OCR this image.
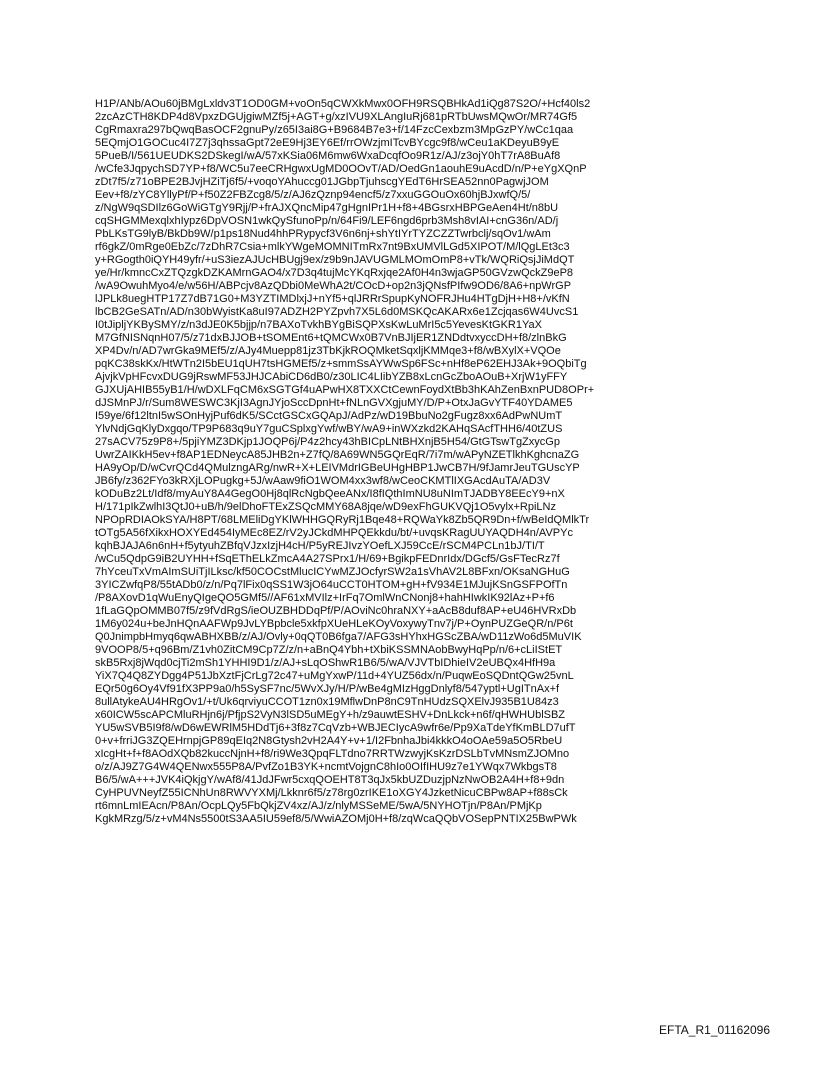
H1P/ANb/AOu60jBMgLxldv3T1OD0GM+voOn5qCWXkMwx0OFH9RSQBHkAd1iQg87S2O/+Hcf40ls2
2zcAzCTH8KDP4d8VpxzDGUjgiwMZf5j+AGT+g/xzIVU9XLAngIuRj681pRTbUwsMQwOr/MR74Gf5
CgRmaxra297bQwqBasOCF2gnuPy/z65I3ai8G+B9684B7e3+f/14FzcCexbzm3MpGzPY/wCc1qaa
5EQmjO1GOCuc4I7Z7j3qhssaGpt72eE9Hj3EY6Ef/rrOWzjmITcvBYcgc9f8/wCeu1aKDeyuB9yE
5PueB/I/561UEUDKS2DSkegI/wA/57xKSia06M6mw6WxaDcqfOo9R1z/AJ/z3ojY0hT7rA8BuAf8
/wCfe3JqpychSD7YP+f8/WC5u7eeCRHgwxUgMD0OOvT/AD/OedGn1aouhE9uAcdD/n/P+eYgXQnP
zDt7f5/z71oBPE2BJvjHZiTj6f5/+voqoYAhuccg01JGbpTjuhscgYEdT6HrSEA52nn0PagwjJOM
Eev+f8/zYC8YllyPf/P+f50Z2FBZcg8/5/z/AJ6zQznp94encf5/z7xxuGGOuOx60hjBJxwfQ/5/
z/NgW9qSDIlz6GoWiGTgY9Rjj/P+frAJXQncMip47gHgnIPr1H+f8+4BGsrxHBPGeAen4Ht/n8bU
cqSHGMMexqlxhIypz6DpVOSN1wkQySfunoPp/n/64Fi9/LEF6ngd6prb3Msh8vIAI+cnG36n/AD/j
PbLKsTG9lyB/BkDb9W/p1ps18Nud4hhPRypycf3V6n6nj+shYtIYrTYZCZZTwrbclj/sqOv1/wAm
rf6gkZ/0mRge0EbZc/7zDhR7Csia+mlkYWgeMOMNITmRx7nt9BxUMVlLGd5XIPOT/M/lQgLEt3c3
y+RGogth0iQYH49yfr/+uS3iezAJUcHBUgj9ex/z9b9nJAVUGMLMOmOmP8+vTk/WQRiQsjJiMdQT
ye/Hr/kmncCxZTQzgkDZKAMrnGAO4/x7D3q4tujMcYKqRxjqe2Af0H4n3wjaGP50GVzwQckZ9eP8
/wA9OwuhMyo4/e/w56H/ABPcjv8AzQDbi0MeWhA2t/COcD+op2n3jQNsfPIfw9OD6/8A6+npWrGP
lJPLk8uegHTP17Z7dB71G0+M3YZTIMDlxjJ+nYf5+qlJRRrSpupKyNOFRJHu4HTgDjH+H8+/vKfN
lbCB2GeSATn/AD/n30bWyistKa8uI97ADZH2PYZpvh7X5L6d0MSKQcAKARx6e1Zcjqas6W4UvcS1
I0tJipljYKBySMY/z/n3dJE0K5bjjp/n7BAXoTvkhBYgBiSQPXsKwLuMrI5c5YevesKtGKR1YaX
M7GfNISNqnH07/5/z71dxBJJOB+tSOMEnt6+tQMCWx0B7VnBJIjER1ZNDdtvxyccDH+f8/zlnBkG
XP4Dv/n/AD7wrGka9MEf5/z/AJy4Muepp81jz3TbKjkROQMketSqxljKMMqe3+f8/wBXylX+VQOe
pqKC38skKx/HtWTn2I5bEU1qUH7tsHGMEf5/z+smmSsAYWwSp6FSc+nHf8eP62EHJ3Ak+9OQbiTg
AjvjkVpHFcvxDUG9jRswMF53JHJCAbiCD6dB0/z30LIC4LIibYZB8xLcnGcZboAOuB+XrjW1yFFY
GJXUjAHIB55yB1/H/wDXLFqCM6xSGTGf4uAPwHX8TXXCtCewnFoydXtBb3hKAhZenBxnPUD8OPr+
dJSMnPJ/r/Sum8WESWC3KjI3AgnJYjoSccDpnHt+fNLnGVXgjuMY/D/P+OtxJaGvYTF40YDAME5
I59ye/6f12ltnI5wSOnHyjPuf6dK5/SCctGSCxGQApJ/AdPz/wD19BbuNo2gFugz8xx6AdPwNUmT
YlvNdjGqKlyDxgqo/TP9P683q9uY7guCSplxgYwf/wBY/wA9+inWXzkd2KAHqSAcfTHH6/40tZUS
27sACV75z9P8+/5pjiYMZ3DKjp1JOQP6j/P4z2hcy43hBICpLNtBHXnjB5H54/GtGTswTgZxycGp
UwrZAIKkH5ev+f8AP1EDNeycA85JHB2n+Z7fQ/8A69WN5GQrEqR/7i7m/wAPyNZETlkhKghcnaZG
HA9yOp/D/wCvrQCd4QMulzngARg/nwR+X+LEIVMdrIGBeUHgHBP1JwCB7H/9fJamrJeuTGUscYP
JB6fy/z362FYo3kRXjLOPugkg+5J/wAaw9fiO1WOM4xx3wf8/wCeoCKMTlIXGAcdAuTA/AD3V
kODuBz2Lt/Idf8/myAuY8A4GegO0Hj8qlRcNgbQeeANx/I8fIQthImNU8uNImTJADBY8EEcY9+nX
H/171pIkZwlhI3QtJ0+uB/h/9elDhoFTExZSQcMMY68A8jqe/wD9exFhGUKVQj1O5vylx+RpiLNz
NPOpRDIAOkSYA/H8PT/68LMEliDgYKlWHHGQRyRj1Bqe48+RQWaYk8Zb5QR9Dn+f/wBeIdQMlkTr
tOTg5A56fXikxHOXYEd454IyMEc8EZ/rV2yJCkdMHPQEkkdu/bt/+uvqsKRagUUYAQDH4n/AVPYc
kqhBJAJA6n6nH+f5ytyuhZBfqVJzxIzjH4cH/P5yREJIvzYOefLXJ59CcE/rSCM4PCLn1bJ/TI/T
/wCu5QdpG9iB2UYHH+fSqEThELkZmcA4A27SPrx1/H/69+BgikpFEDnrIdx/DGcf5/GsFTecRz7f
7hYceuTxVmAImSUiTjILksc/kf50COCstMlucICYwMZJOcfyrSW2a1sVhAV2L8BFxn/OKsaNGHuG
3YICZwfqP8/55tADb0/z/n/Pq7lFix0qSS1W3jO64uCCT0HTOM+gH+fV934E1MJujKSnGSFPOfTn
/P8AXovD1qWuEnyQIgeQO5GMf5//AF61xMVIlz+IrFq7OmlWnCNonj8+hahHIwkIK92lAz+P+f6
1fLaGQpOMMB07f5/z9fVdRgS/ieOUZBHDDqPf/P/AOviNc0hraNXY+aAcB8duf8AP+eU46HVRxDb
1M6y024u+beJnHQnAAFWp9JvLYBpbcle5xkfpXUeHLeKOyVoxywyTnv7j/P+OynPUZGeQR/n/P6t
Q0JnimpbHmyq6qwABHXBB/z/AJ/Ovly+0qQT0B6fga7/AFG3sHYhxHGScZBA/wD11zWo6d5MuVIK
9VOOP8/5+q96Bm/Z1vh0ZitCM9Cp7Z/z/n+aBnQ4Ybh+tXbiKSSMNAobBwyHqPp/n/6+cLiIStET
skB5Rxj8jWqd0cjTi2mSh1YHHI9D1/z/AJ+sLqOShwR1B6/5/wA/VJVTbIDhieIV2eUBQx4HfH9a
YiX7Q4Q8ZYDgg4P51JbXztFjCrLg72c47+uMgYxwP/11d+4YUZ56dx/n/PuqwEoSQDntQGw25vnL
EQr50g6Oy4Vf91fX3PP9a0/h5SySF7nc/5WvXJy/H/P/wBe4gMIzHggDnlyf8/547yptl+UgITnAx+f
8ullAtykeAU4HRgOv1/+t/Uk6qrviyuCCOT1zn0x19MflwDnP8nC9TnHUdzSQXElvJ935B1U84z3
x60ICW5scAPCMluRHjn6j/PfjpS2VyN3lSD5uMEgY+h/z9auwtESHV+DnLkck+n6f/qHWHUblSBZ
YU5wSVB5I9f8/wD6wEWRlM5HDdTj6+3f8z7CqVzb+WBJECIycA9wfr6e/Pp9XaTdeYfKmBLD7ufT
0+v+frriJG3ZQEHrnpjGP89qEIq2N8Gtysh2vH2A4Y+v+1/I2FbnhaJbi4kkkO4oOAe59a5O5RbeU
xIcgHt+f+f8AOdXQb82kuccNjnH+f8/ri9We3QpqFLTdno7RRTWzwyjKsKzrDSLbTvMNsmZJOMno
o/z/AJ9Z7G4W4QENwx555P8A/PvfZo1B3YK+ncmtVojgnC8hIo0OIfIHU9z7e1YWqx7WkbgsT8
B6/5/wA+++JVK4iQkjgY/wAf8/41JdJFwr5cxqQOEHT8T3qJx5kbUZDuzjpNzNwOB2A4H+f8+9dn
CyHPUVNeyfZ55ICNhUn8RWVYXMj/Lkknr6f5/z78rg0zrIKE1oXGY4JzketNicuCBPw8AP+f88sCk
rt6mnLmIEAcn/P8An/OcpLQy5FbQkjZV4xz/AJ/z/nlyMSSeME/5wA/5NYHOTjn/P8An/PMjKp
KgkMRzg/5/z+vM4Ns5500tS3AA5IU59ef8/5/WwiAZOMj0H+f8/zqWcaQQbVOSepPNTIX25BwPWk
EFTA_R1_01162096
